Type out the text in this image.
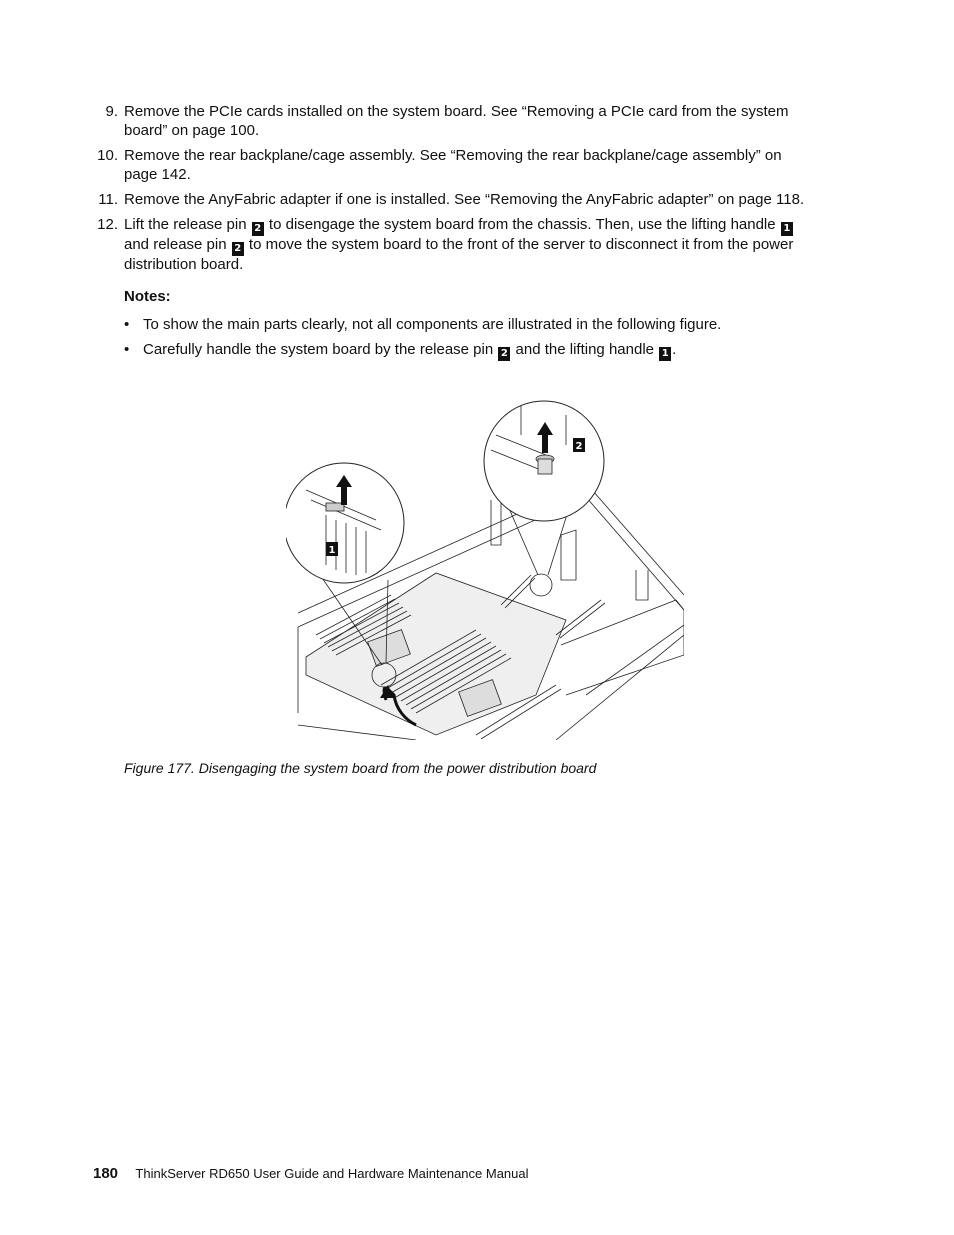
9. Remove the PCIe cards installed on the system board. See “Removing a PCIe card from the system
board” on page 100.
10. Remove the rear backplane/cage assembly. See “Removing the rear backplane/cage assembly” on
page 142.
11. Remove the AnyFabric adapter if one is installed. See “Removing the AnyFabric adapter” on page 118.
12. Lift the release pin 2 to disengage the system board from the chassis. Then, use the lifting handle 1
and release pin 2 to move the system board to the front of the server to disconnect it from the power
distribution board.
Notes:
• To show the main parts clearly, not all components are illustrated in the following figure.
• Carefully handle the system board by the release pin 2 and the lifting handle 1 .
1
2
Figure 177. Disengaging the system board from the power distribution board
180 ThinkServer RD650 User Guide and Hardware Maintenance Manual
